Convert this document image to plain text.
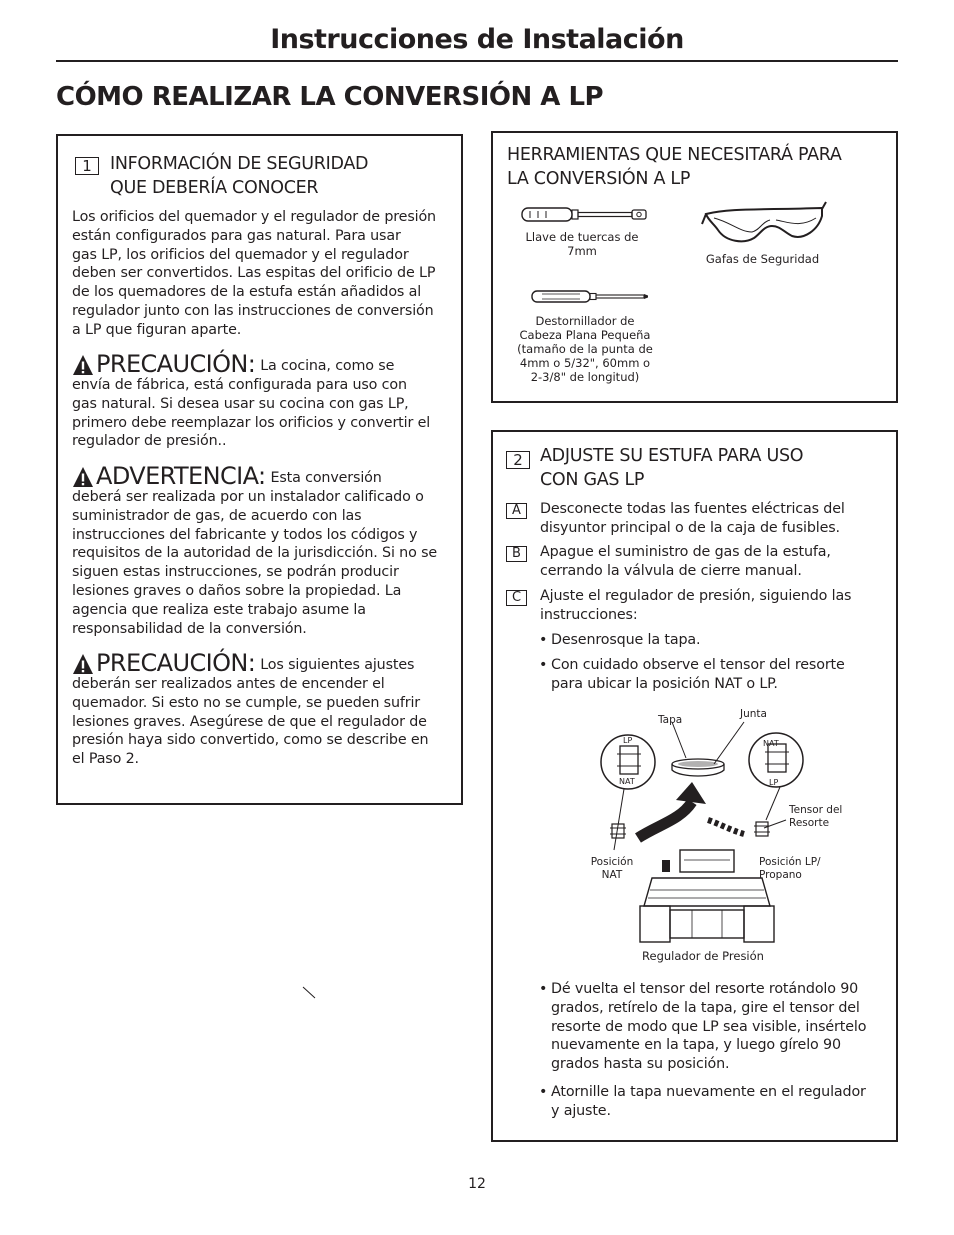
Instrucciones de Instalación
CÓMO REALIZAR LA CONVERSIÓN A LP
1	INFORMACIÓN DE SEGURIDAD
QUE DEBERÍA CONOCER
Los orificios del quemador y el regulador de presión
están configurados para gas natural. Para usar
gas LP, los orificios del quemador y el regulador
deben ser convertidos. Las espitas del orificio de LP
de los quemadores de la estufa están añadidos al
regulador junto con las instrucciones de conversión
a LP que figuran aparte.
PRECAUCIÓN: La cocina, como se
envía de fábrica, está configurada para uso con
gas natural. Si desea usar su cocina con gas LP,
primero debe reemplazar los orificios y convertir el
regulador de presión..
ADVERTENCIA: Esta conversión
deberá ser realizada por un instalador calificado o
suministrador de gas, de acuerdo con las
instrucciones del fabricante y todos los códigos y
requisitos de la autoridad de la jurisdicción. Si no se
siguen estas instrucciones, se podrán producir
lesiones graves o daños sobre la propiedad. La
agencia que realiza este trabajo asume la
responsabilidad de la conversión.
PRECAUCIÓN: Los siguientes ajustes
deberán ser realizados antes de encender el
quemador. Si esto no se cumple, se pueden sufrir
lesiones graves. Asegúrese de que el regulador de
presión haya sido convertido, como se describe en
el Paso 2.
HERRAMIENTAS QUE NECESITARÁ PARA
LA CONVERSIÓN A LP
Llave de tuercas de
7mm
Gafas de Seguridad
Destornillador de
Cabeza Plana Pequeña
(tamaño de la punta de
4mm o 5/32", 60mm o
2-3/8" de longitud)
2 ADJUSTE SU ESTUFA PARA USO
CON GAS LP
A	Desconecte todas las fuentes eléctricas del
disyuntor principal o de la caja de fusibles.
B	Apague el suministro de gas de la estufa,
cerrando la válvula de cierre manual.
C	Ajuste el regulador de presión, siguiendo las
instrucciones:
• Desenrosque la tapa.
• Con cuidado observe el tensor del resorte
para ubicar la posición NAT o LP.
Tapa	Junta
LP
NAT
NAT
LP
Tensor del
Resorte
Posición
NAT
Posición LP/
Propano
Regulador de Presión
• Dé vuelta el tensor del resorte rotándolo 90
grados, retírelo de la tapa, gire el tensor del
resorte de modo que LP sea visible, insértelo
nuevamente en la tapa, y luego gírelo 90
grados hasta su posición.
• Atornille la tapa nuevamente en el regulador
y ajuste.
12
